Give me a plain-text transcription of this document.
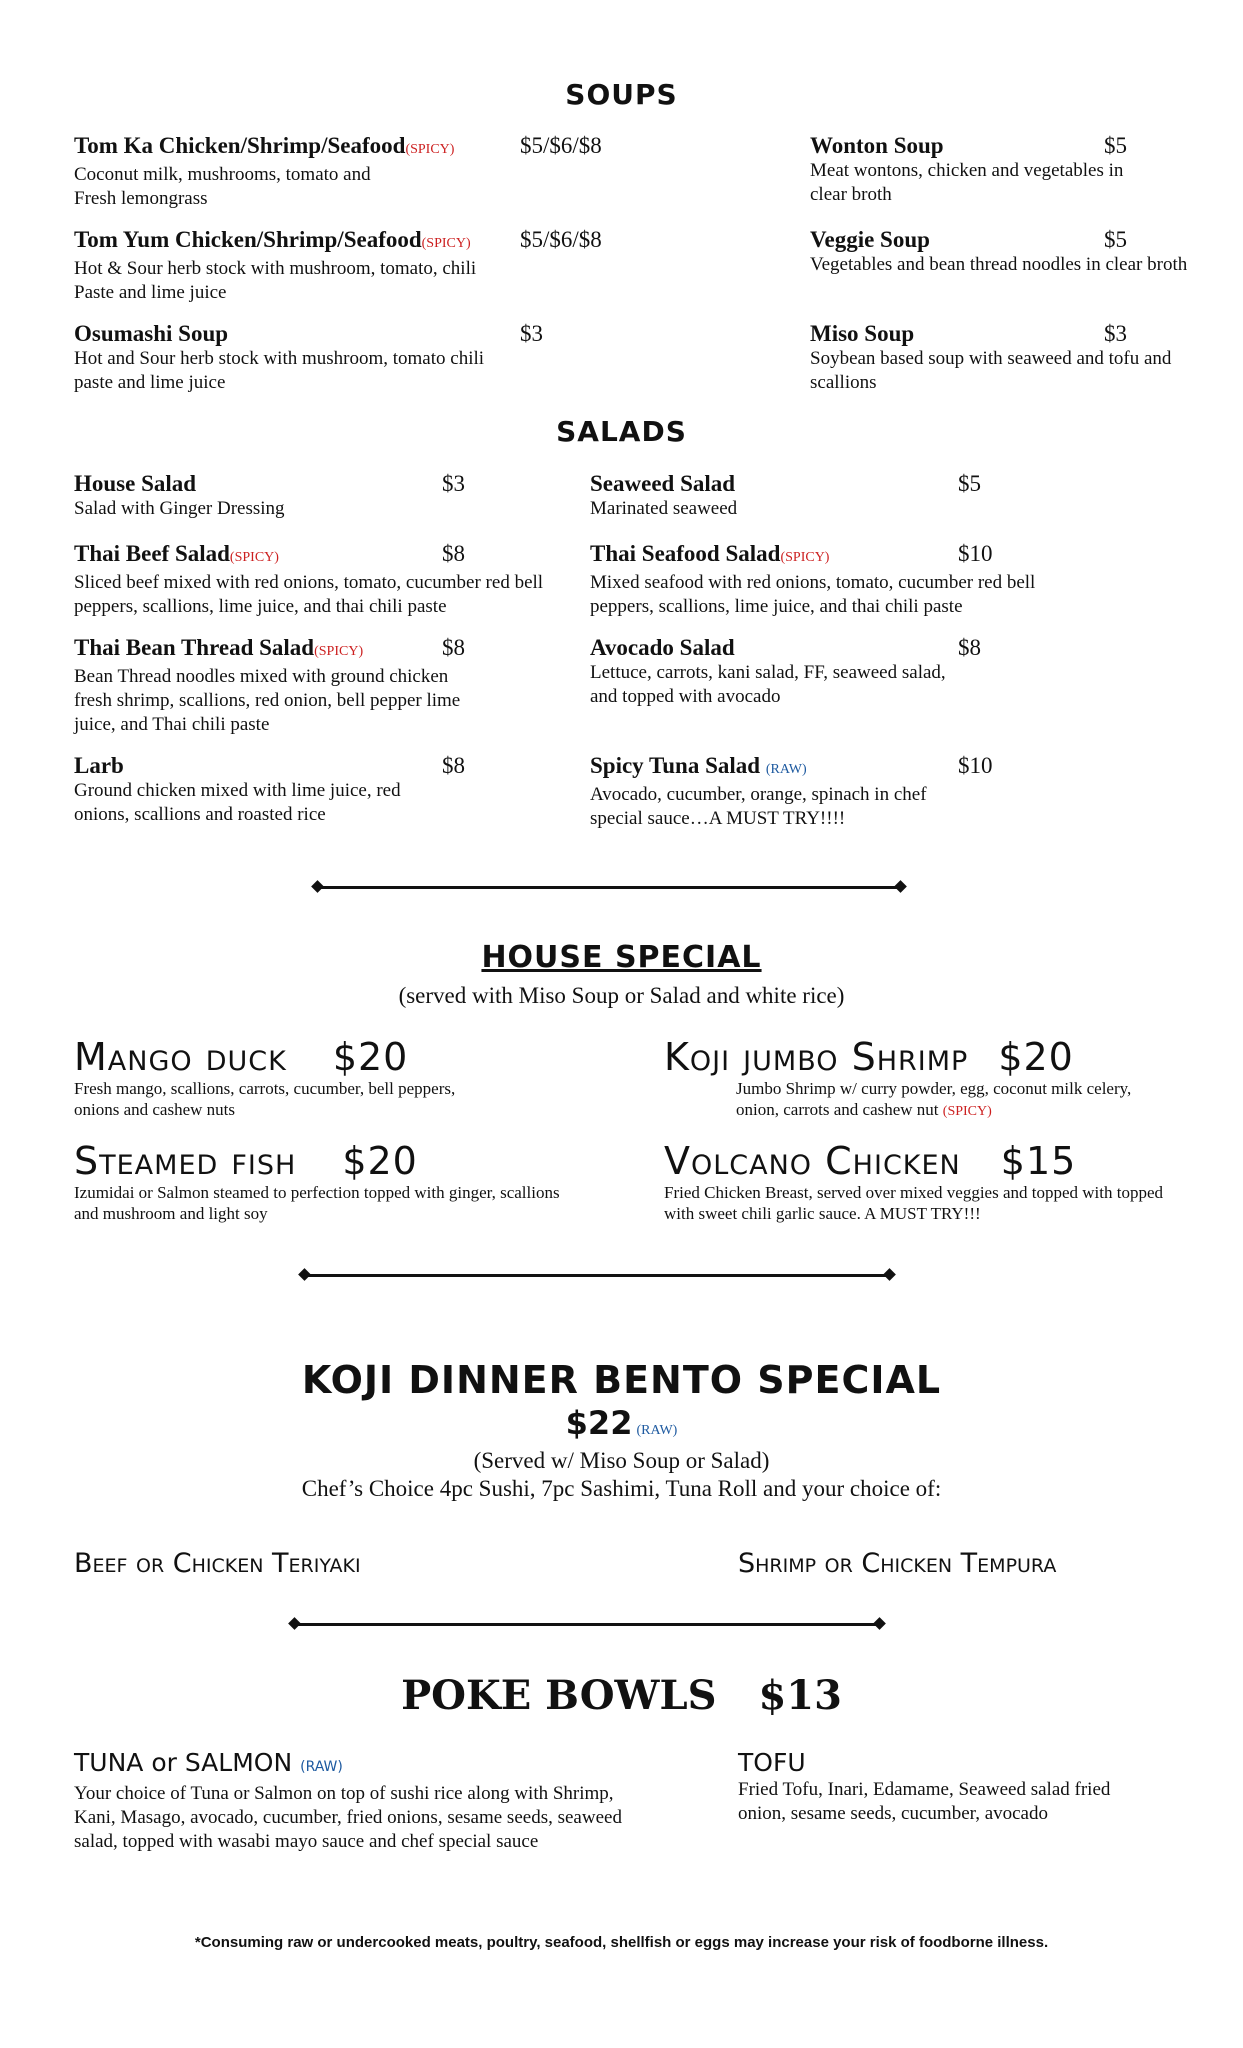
SOUPS
Tom Ka Chicken/Shrimp/Seafood(SPICY)	$5/$6/$8
Coconut milk, mushrooms, tomato and Fresh lemongrass
Tom Yum Chicken/Shrimp/Seafood(SPICY)	$5/$6/$8
Hot & Sour herb stock with mushroom, tomato, chili Paste and lime juice
Osumashi Soup	$3
Hot and Sour herb stock with mushroom, tomato chili paste and lime juice
Wonton Soup	$5
Meat wontons, chicken and vegetables in clear broth
Veggie Soup	$5
Vegetables and bean thread noodles in clear broth
Miso Soup	$3
Soybean based soup with seaweed and tofu and scallions
SALADS
House Salad	$3
Salad with Ginger Dressing
Thai Beef Salad(SPICY)	$8
Sliced beef mixed with red onions, tomato, cucumber red bell peppers, scallions, lime juice, and thai chili paste
Thai Bean Thread Salad(SPICY)	$8
Bean Thread noodles mixed with ground chicken fresh shrimp, scallions, red onion, bell pepper lime juice, and Thai chili paste
Larb	$8
Ground chicken mixed with lime juice, red onions, scallions and roasted rice
Seaweed Salad	$5
Marinated seaweed
Thai Seafood Salad(SPICY)	$10
Mixed seafood with red onions, tomato, cucumber red bell peppers, scallions, lime juice, and thai chili paste
Avocado Salad	$8
Lettuce, carrots, kani salad, FF, seaweed salad, and topped with avocado
Spicy Tuna Salad (RAW)	$10
Avocado, cucumber, orange, spinach in chef special sauce…A MUST TRY!!!!
HOUSE SPECIAL
(served with Miso Soup or Salad and white rice)
Mango duck $20
Fresh mango, scallions, carrots, cucumber, bell peppers, onions and cashew nuts
Steamed fish $20
Izumidai or Salmon steamed to perfection topped with ginger, scallions and mushroom and light soy
Koji jumbo Shrimp $20
Jumbo Shrimp w/ curry powder, egg, coconut milk celery, onion, carrots and cashew nut (SPICY)
Volcano Chicken $15
Fried Chicken Breast, served over mixed veggies and topped with topped with sweet chili garlic sauce. A MUST TRY!!!
KOJI DINNER BENTO SPECIAL
$22 (RAW)
(Served w/ Miso Soup or Salad)
Chef’s Choice 4pc Sushi, 7pc Sashimi, Tuna Roll and your choice of:
Beef or Chicken Teriyaki	Shrimp or Chicken Tempura
POKE BOWLS $13
TUNA or SALMON (RAW)
Your choice of Tuna or Salmon on top of sushi rice along with Shrimp, Kani, Masago, avocado, cucumber, fried onions, sesame seeds, seaweed salad, topped with wasabi mayo sauce and chef special sauce
TOFU
Fried Tofu, Inari, Edamame, Seaweed salad fried onion, sesame seeds, cucumber, avocado
*Consuming raw or undercooked meats, poultry, seafood, shellfish or eggs may increase your risk of foodborne illness.
